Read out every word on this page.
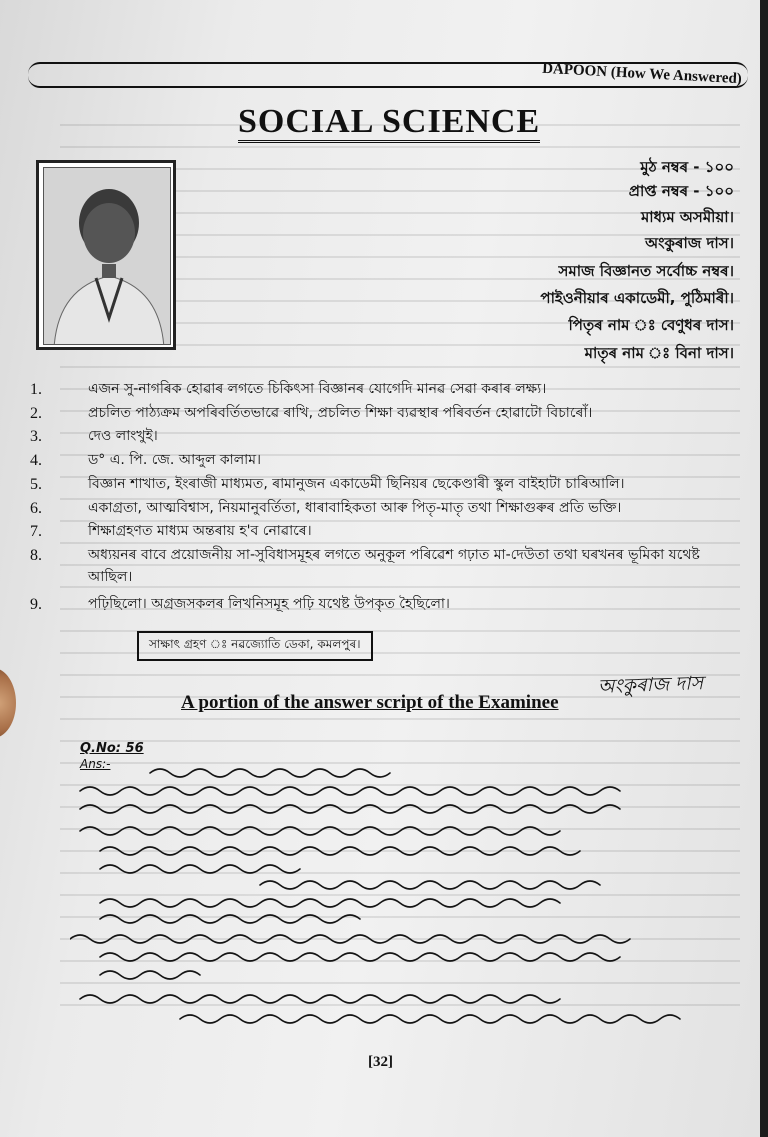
DAPOON (How We Answered)
SOCIAL SCIENCE
মুঠ নম্বৰ - ১০০
প্ৰাপ্ত নম্বৰ - ১০০
মাধ্যম অসমীয়া।
অংকুৰাজ দাস।
সমাজ বিজ্ঞানত সৰ্বোচ্চ নম্বৰ।
পাইওনীয়াৰ একাডেমী, পুঠিমাৰী।
পিতৃৰ নাম ঃ বেণুধৰ দাস।
মাতৃৰ নাম ঃ বিনা দাস।
1.	এজন সু-নাগৰিক হোৱাৰ লগতে চিকিৎসা বিজ্ঞানৰ যোগেদি মানৱ সেৱা কৰাৰ লক্ষ্য।
2.	প্ৰচলিত পাঠ্যক্ৰম অপৰিবৰ্তিতভাৱে ৰাখি, প্ৰচলিত শিক্ষা ব্যৱস্থাৰ পৰিবৰ্তন হোৱাটো বিচাৰোঁ।
3.	দেও লাংখুই।
4.	ড° এ. পি. জে. আব্দুল কালাম।
5.	বিজ্ঞান শাখাত, ইংৰাজী মাধ্যমত, ৰামানুজন একাডেমী ছিনিয়ৰ ছেকেণ্ডাৰী স্কুল বাইহাটা চাৰিআলি।
6.	একাগ্ৰতা, আত্মবিশ্বাস, নিয়মানুবৰ্তিতা, ধাৰাবাহিকতা আৰু পিতৃ-মাতৃ তথা শিক্ষাগুৰুৰ প্ৰতি ভক্তি।
7.	শিক্ষাগ্ৰহণত মাধ্যম অন্তৰায় হ'ব নোৱাৰে।
8.	অধ্যয়নৰ বাবে প্ৰয়োজনীয় সা-সুবিধাসমূহৰ লগতে অনুকূল পৰিৱেশ গঢ়াত মা-দেউতা তথা ঘৰখনৰ ভূমিকা যথেষ্ট আছিল।
9.	পঢ়িছিলো। অগ্ৰজসকলৰ লিখনিসমূহ পঢ়ি যথেষ্ট উপকৃত হৈছিলো।
সাক্ষাৎ গ্ৰহণ ঃ নৱজ্যোতি ডেকা, কমলপুৰ।
অংকুৰাজ দাস
A portion of the answer script of the Examinee
Q.No: 56
Ans:-
[32]
